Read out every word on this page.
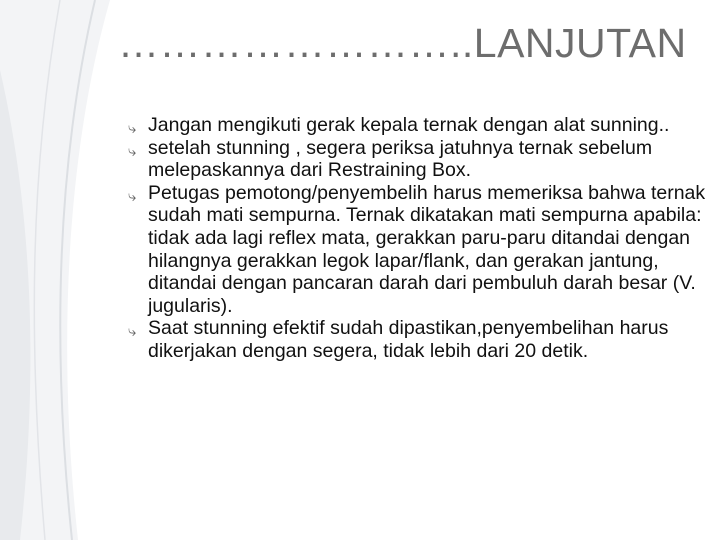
……………………..LANJUTAN
⤷ Jangan mengikuti gerak kepala ternak dengan alat sunning..
⤷ setelah stunning , segera periksa jatuhnya ternak sebelum melepaskannya dari Restraining Box.
⤷ Petugas pemotong/penyembelih harus memeriksa bahwa ternak sudah mati sempurna. Ternak dikatakan mati sempurna apabila: tidak ada lagi reflex mata, gerakkan paru-paru ditandai dengan hilangnya gerakkan legok lapar/flank, dan gerakan jantung, ditandai dengan pancaran darah dari pembuluh darah besar (V. jugularis).
⤷ Saat stunning efektif sudah dipastikan,penyembelihan harus dikerjakan dengan segera, tidak lebih dari 20 detik.
